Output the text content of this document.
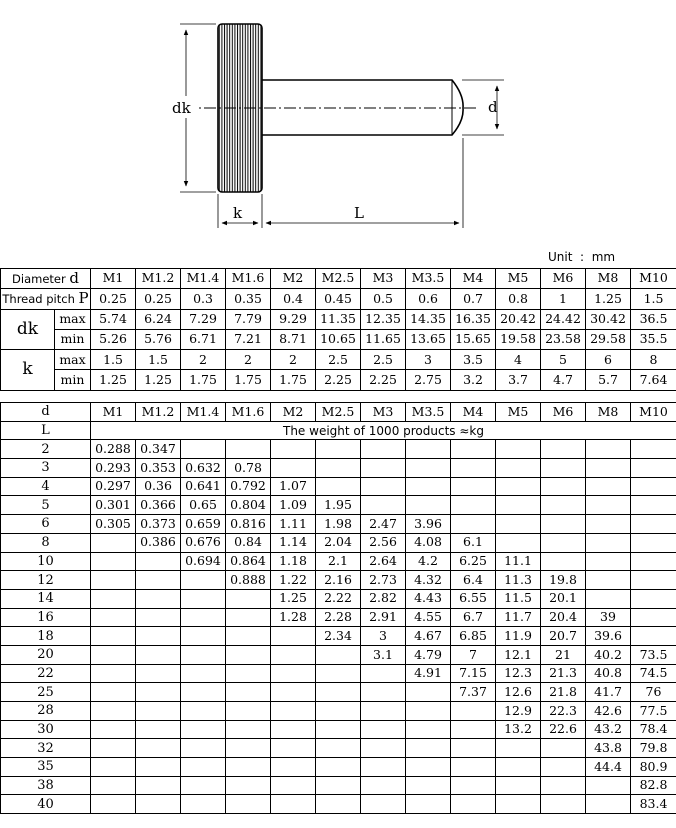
dk	d
k	L
Unit  :  mm
Diameter d		M1	M1.2	M1.4	M1.6	M2	M2.5	M3	M3.5	M4	M5	M6	M8	M10
Thread pitch P		0.25	0.25	0.3	0.35	0.4	0.45	0.5	0.6	0.7	0.8	1	1.25	1.5
dk	max	5.74	6.24	7.29	7.79	9.29	11.35	12.35	14.35	16.35	20.42	24.42	30.42	36.5
	min	5.26	5.76	6.71	7.21	8.71	10.65	11.65	13.65	15.65	19.58	23.58	29.58	35.5
k	max	1.5	1.5	2	2	2	2.5	2.5	3	3.5	4	5	6	8
	min	1.25	1.25	1.75	1.75	1.75	2.25	2.25	2.75	3.2	3.7	4.7	5.7	7.64
d	M1	M1.2	M1.4	M1.6	M2	M2.5	M3	M3.5	M4	M5	M6	M8	M10
L	The weight of 1000 products ≈kg												
2	0.288	0.347											
3	0.293	0.353	0.632	0.78									
4	0.297	0.36	0.641	0.792	1.07								
5	0.301	0.366	0.65	0.804	1.09	1.95							
6	0.305	0.373	0.659	0.816	1.11	1.98	2.47	3.96					
8		0.386	0.676	0.84	1.14	2.04	2.56	4.08	6.1				
10			0.694	0.864	1.18	2.1	2.64	4.2	6.25	11.1			
12				0.888	1.22	2.16	2.73	4.32	6.4	11.3	19.8		
14					1.25	2.22	2.82	4.43	6.55	11.5	20.1		
16					1.28	2.28	2.91	4.55	6.7	11.7	20.4	39	
18						2.34	3	4.67	6.85	11.9	20.7	39.6	
20							3.1	4.79	7	12.1	21	40.2	73.5
22								4.91	7.15	12.3	21.3	40.8	74.5
25									7.37	12.6	21.8	41.7	76
28										12.9	22.3	42.6	77.5
30										13.2	22.6	43.2	78.4
32												43.8	79.8
35												44.4	80.9
38													82.8
40													83.4
